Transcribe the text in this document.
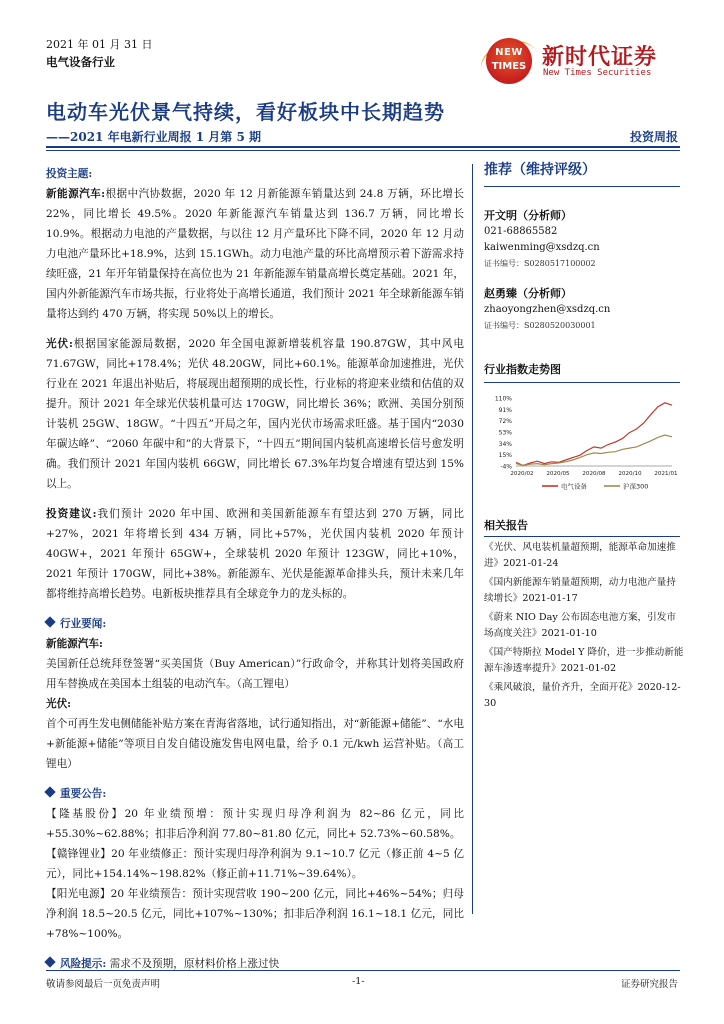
2021 年 01 月 31 日
电气设备行业
NEW
TIMES 新时代证券
New Times Securities
电动车光伏景气持续，看好板块中长期趋势
——2021 年电新行业周报 1 月第 5 期	投资周报

投资主题:

新能源汽车:根据中汽协数据，2020 年 12 月新能源车销量达到 24.8 万辆，环比增长 22%，同比增长 49.5%。2020 年新能源汽车销量达到 136.7 万辆，同比增长 10.9%。根据动力电池的产量数据，与以往 12 月产量环比下降不同，2020 年 12 月动力电池产量环比+18.9%，达到 15.1GWh。动力电池产量的环比高增预示着下游需求持续旺盛，21 年开年销量保持在高位也为 21 年新能源车销量高增长奠定基础。2021 年，国内外新能源汽车市场共振，行业将处于高增长通道，我们预计 2021 年全球新能源车销量将达到约 470 万辆，将实现 50%以上的增长。

光伏:根据国家能源局数据，2020 年全国电源新增装机容量 190.87GW，其中风电 71.67GW，同比+178.4%；光伏 48.20GW，同比+60.1%。能源革命加速推进，光伏行业在 2021 年退出补贴后，将展现出超预期的成长性，行业标的将迎来业绩和估值的双提升。预计 2021 年全球光伏装机量可达 170GW，同比增长 36%；欧洲、美国分别预计装机 25GW、18GW。“十四五”开局之年，国内光伏市场需求旺盛。基于国内“2030 年碳达峰”、“2060 年碳中和”的大背景下，“十四五”期间国内装机高速增长信号愈发明确。我们预计 2021 年国内装机 66GW，同比增长 67.3%年均复合增速有望达到 15%以上。

投资建议:我们预计 2020 年中国、欧洲和美国新能源车有望达到 270 万辆，同比+27%，2021 年将增长到 434 万辆，同比+57%，光伏国内装机 2020 年预计 40GW+，2021 年预计 65GW+，全球装机 2020 年预计 123GW，同比+10%，2021 年预计 170GW，同比+38%。新能源车、光伏是能源革命排头兵，预计未来几年都将维持高增长趋势。电新板块推荐具有全球竞争力的龙头标的。

行业要闻:

新能源汽车:

美国新任总统拜登签署“买美国货（Buy American）”行政命令，并称其计划将美国政府用车替换成在美国本土组装的电动汽车。（高工锂电）

光伏:

首个可再生发电侧储能补贴方案在青海省落地，试行通知指出，对“新能源+储能”、“水电+新能源+储能”等项目自发自储设施发售电网电量，给予 0.1 元/kwh 运营补贴。（高工锂电）

重要公告:

【隆基股份】20 年业绩预增：预计实现归母净利润为 82~86 亿元，同比+55.30%~62.88%；扣非后净利润 77.80~81.80 亿元，同比+ 52.73%~60.58%。

【赣锋锂业】20 年业绩修正：预计实现归母净利润为 9.1~10.7 亿元（修正前 4~5 亿元），同比+154.14%~198.82%（修正前+11.71%~39.64%）。

【阳光电源】20 年业绩预告：预计实现营收 190~200 亿元，同比+46%~54%；归母净利润 18.5~20.5 亿元，同比+107%~130%；扣非后净利润 16.1~18.1 亿元，同比+78%~100%。

风险提示: 需求不及预期，原材料价格上涨过快

推荐（维持评级）
开文明（分析师）
021-68865582
kaiwenming@xsdzq.cn
证书编号：S0280517100002
赵勇臻（分析师）
zhaoyongzhen@xsdzq.cn
证书编号：S0280520030001
行业指数走势图
110%
91%
72%
53%
34%
15%
-4%
2020/02 2020/05 2020/08 2020/10 2021/01
电气设备	沪深300
相关报告
《光伏、风电装机量超预期，能源革命加速推进》2021-01-24
《国内新能源车销量超预期，动力电池产量持续增长》2021-01-17
《蔚来 NIO Day 公布固态电池方案，引发市场高度关注》2021-01-10
《国产特斯拉 Model Y 降价，进一步推动新能源车渗透率提升》2021-01-02
《乘风破浪，量价齐升，全面开花》2020-12-30
敬请参阅最后一页免责声明	-1-	证券研究报告
